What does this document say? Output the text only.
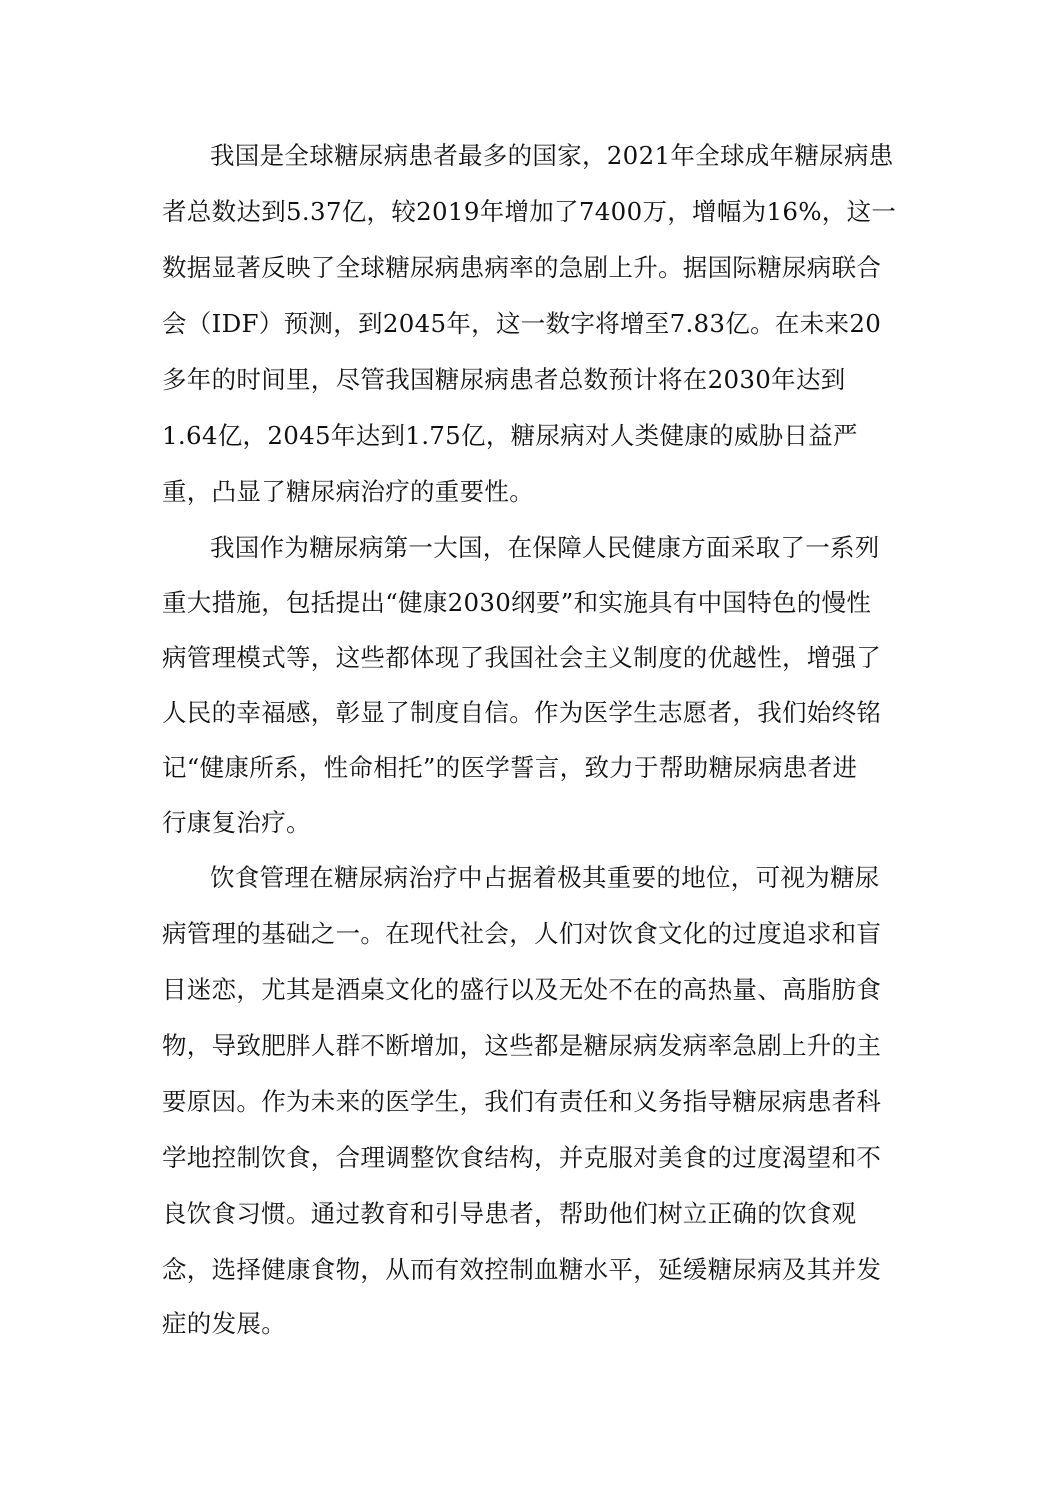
我国是全球糖尿病患者最多的国家，2021年全球成年糖尿病患
者总数达到5.37亿，较2019年增加了7400万，增幅为16%，这一
数据显著反映了全球糖尿病患病率的急剧上升。据国际糖尿病联合
会（IDF）预测，到2045年，这一数字将增至7.83亿。在未来20
多年的时间里，尽管我国糖尿病患者总数预计将在2030年达到
1.64亿，2045年达到1.75亿，糖尿病对人类健康的威胁日益严
重，凸显了糖尿病治疗的重要性。
我国作为糖尿病第一大国，在保障人民健康方面采取了一系列
重大措施，包括提出“健康2030纲要”和实施具有中国特色的慢性
病管理模式等，这些都体现了我国社会主义制度的优越性，增强了
人民的幸福感，彰显了制度自信。作为医学生志愿者，我们始终铭
记“健康所系，性命相托”的医学誓言，致力于帮助糖尿病患者进
行康复治疗。
饮食管理在糖尿病治疗中占据着极其重要的地位，可视为糖尿
病管理的基础之一。在现代社会，人们对饮食文化的过度追求和盲
目迷恋，尤其是酒桌文化的盛行以及无处不在的高热量、高脂肪食
物，导致肥胖人群不断增加，这些都是糖尿病发病率急剧上升的主
要原因。作为未来的医学生，我们有责任和义务指导糖尿病患者科
学地控制饮食，合理调整饮食结构，并克服对美食的过度渴望和不
良饮食习惯。通过教育和引导患者，帮助他们树立正确的饮食观
念，选择健康食物，从而有效控制血糖水平，延缓糖尿病及其并发
症的发展。
